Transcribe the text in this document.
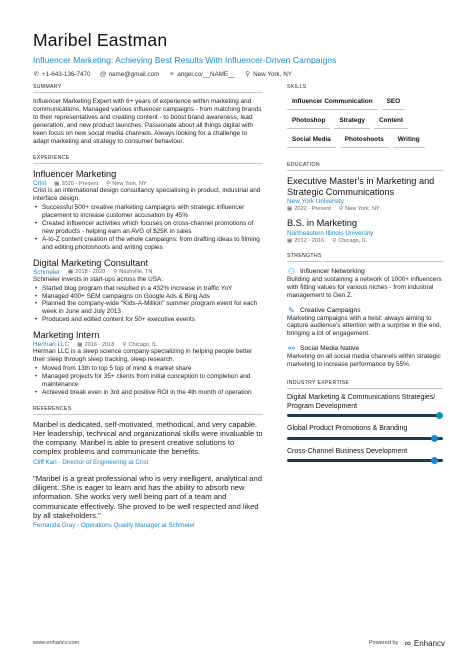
Maribel Eastman
Influencer Marketing: Achieving Best Results With Influencer-Driven Campaigns
✆ +1-643-136-7470 @ name@gmail.com ⚭ angel.co/__NAME__ ⚲ New York, NY
SUMMARY
Influencer Marketing Expert with 6+ years of experience within marketing and communications. Managed various influencer campaigns - from matching brands to their representatives and creating content - to boost brand awareness, lead generation, and new product launches. Passionate about all things digital with keen focus on new social media channels. Always looking for a challenge to adapt marketing and strategy to consumer behaviour.
EXPERIENCE
Influencer Marketing
Crist ▦ 2020 - Present ⚲ New York, NY
Crist is an international design consultancy specialising in product, industrial and interface design.
• Successful 500+ creative marketing campaigns with strategic influencer placement to increase customer accusation by 45%
• Created influencer activities which focuses on cross-channel promotions of new products - helping earn an AVG of $25K in sales
• A-to-Z content creation of the whole campaigns: from drafting ideas to filming and editing photoshoots and writing copies
Digital Marketing Consultant
Schmeler ▦ 2018 - 2020 ⚲ Nashville, TN
Schmeler invests in start-ups across the USA.
• Started blog program that resulted in a 432% increase in traffic YoY
• Managed 400+ SEM campaigns on Google Ads & Bing Ads
• Planned the company-wide "Kids-A-Million" summer program event for each week in June and July 2013
• Produced and edited content for 50+ executive events
Marketing Intern
Herman LLC ▦ 2016 - 2018 ⚲ Chicago, IL
Herman LLC is a sleep science company specializing in helping people better their sleep through sleep tracking, sleep research.
• Moved from 13th to top 5 top of mind & market share
• Managed projects for 35+ clients from initial conception to completion and maintenance
• Achieved break even in 3rd and positive ROI in the 4th month of operation
REFERENCES
Maribel is dedicated, self-motivated, methodical, and very capable. Her leadership, technical and organizational skills were invaluable to the company. Maribel is able to present creative solutions to complex problems and communicate the benefits.
Cliff Kari - Director of Engineering at Crist
"Maribel is a great professional who is very intelligent, analytical and diligent. She is eager to learn and has the ability to absorb new information. She works very well being part of a team and communicate effectively. She proved to be well respected and liked by all stakeholders."
Fernanda Gray - Operations Quality Manager at Schmeler
SKILLS
Influencer Communication	SEO
Photoshop	Strategy	Content
Social Media	Photoshoots	Writing
EDUCATION
Executive Master's in Marketing and Strategic Communications
New York University
▦ 2022 - Present ⚲ New York, NY
B.S. in Marketing
Northeastern Illinois University
▦ 2012 - 2016 ⚲ Chicago, IL
STRENGTHS
⚇ Influencer Networking
Building and sustaining a network of 1000+ influencers with fitting values for various niches - from industrial management to Gen Z.
✎ Creative Campaigns
Marketing campaigns with a twist: always aiming to capture audience's attention with a surprise in the end, bringing a lot of engagement.
⚯ Social Media Native
Marketing on all social media channels within strategic marketing to increase performance by 55%.
INDUSTRY EXPERTISE
Digital Marketing & Communications Strategies/ Program Development
Global Product Promotions & Branding
Cross-Channel Business Development
www.enhancv.com	Powered by ∞ Enhancv
